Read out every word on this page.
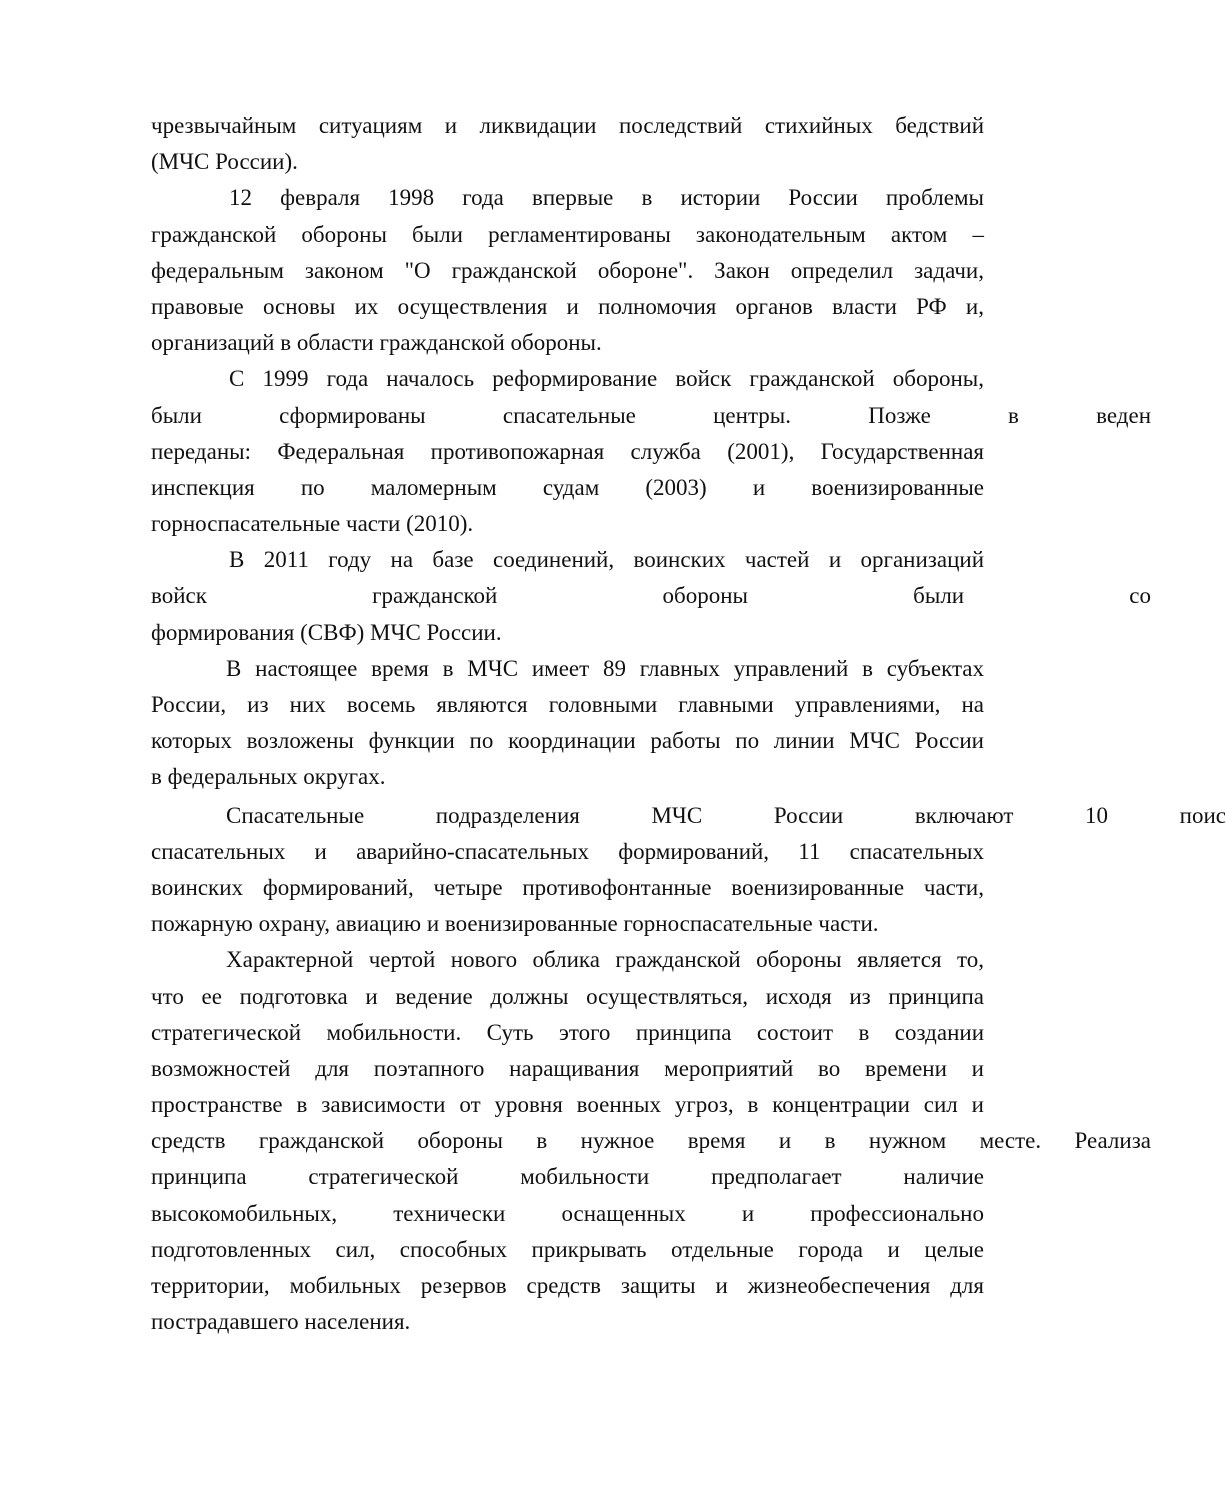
чрезвычайным ситуациям и ликвидации последствий стихийных бедствий
(МЧС России).
12 февраля 1998 года впервые в истории России проблемы
гражданской обороны были регламентированы законодательным актом –
федеральным законом "О гражданской обороне". Закон определил задачи,
правовые основы их осуществления и полномочия органов власти РФ и,
организаций в области гражданской обороны.
С 1999 года началось реформирование войск гражданской обороны,
были сформированы спасательные центры. Позже в веден
переданы: Федеральная противопожарная служба (2001), Государственная
инспекция по маломерным судам (2003) и военизированные
горноспасательные части (2010).
В 2011 году на базе соединений, воинских частей и организаций
войск гражданской обороны были со
формирования (СВФ) МЧС России.
В настоящее время в МЧС имеет 89 главных управлений в субъектах
России, из них восемь являются головными главными управлениями, на
которых возложены функции по координации работы по линии МЧС России
в федеральных округах.
Спасательные подразделения МЧС России включают 10 поис
спасательных и аварийно-спасательных формирований, 11 спасательных
воинских формирований, четыре противофонтанные военизированные части,
пожарную охрану, авиацию и военизированные горноспасательные части.
Характерной чертой нового облика гражданской обороны является то,
что ее подготовка и ведение должны осуществляться, исходя из принципа
стратегической мобильности. Суть этого принципа состоит в создании
возможностей для поэтапного наращивания мероприятий во времени и
пространстве в зависимости от уровня военных угроз, в концентрации сил и
средств гражданской обороны в нужное время и в нужном месте. Реализа
принципа стратегической мобильности предполагает наличие
высокомобильных, технически оснащенных и профессионально
подготовленных сил, способных прикрывать отдельные города и целые
территории, мобильных резервов средств защиты и жизнеобеспечения для
пострадавшего населения.
